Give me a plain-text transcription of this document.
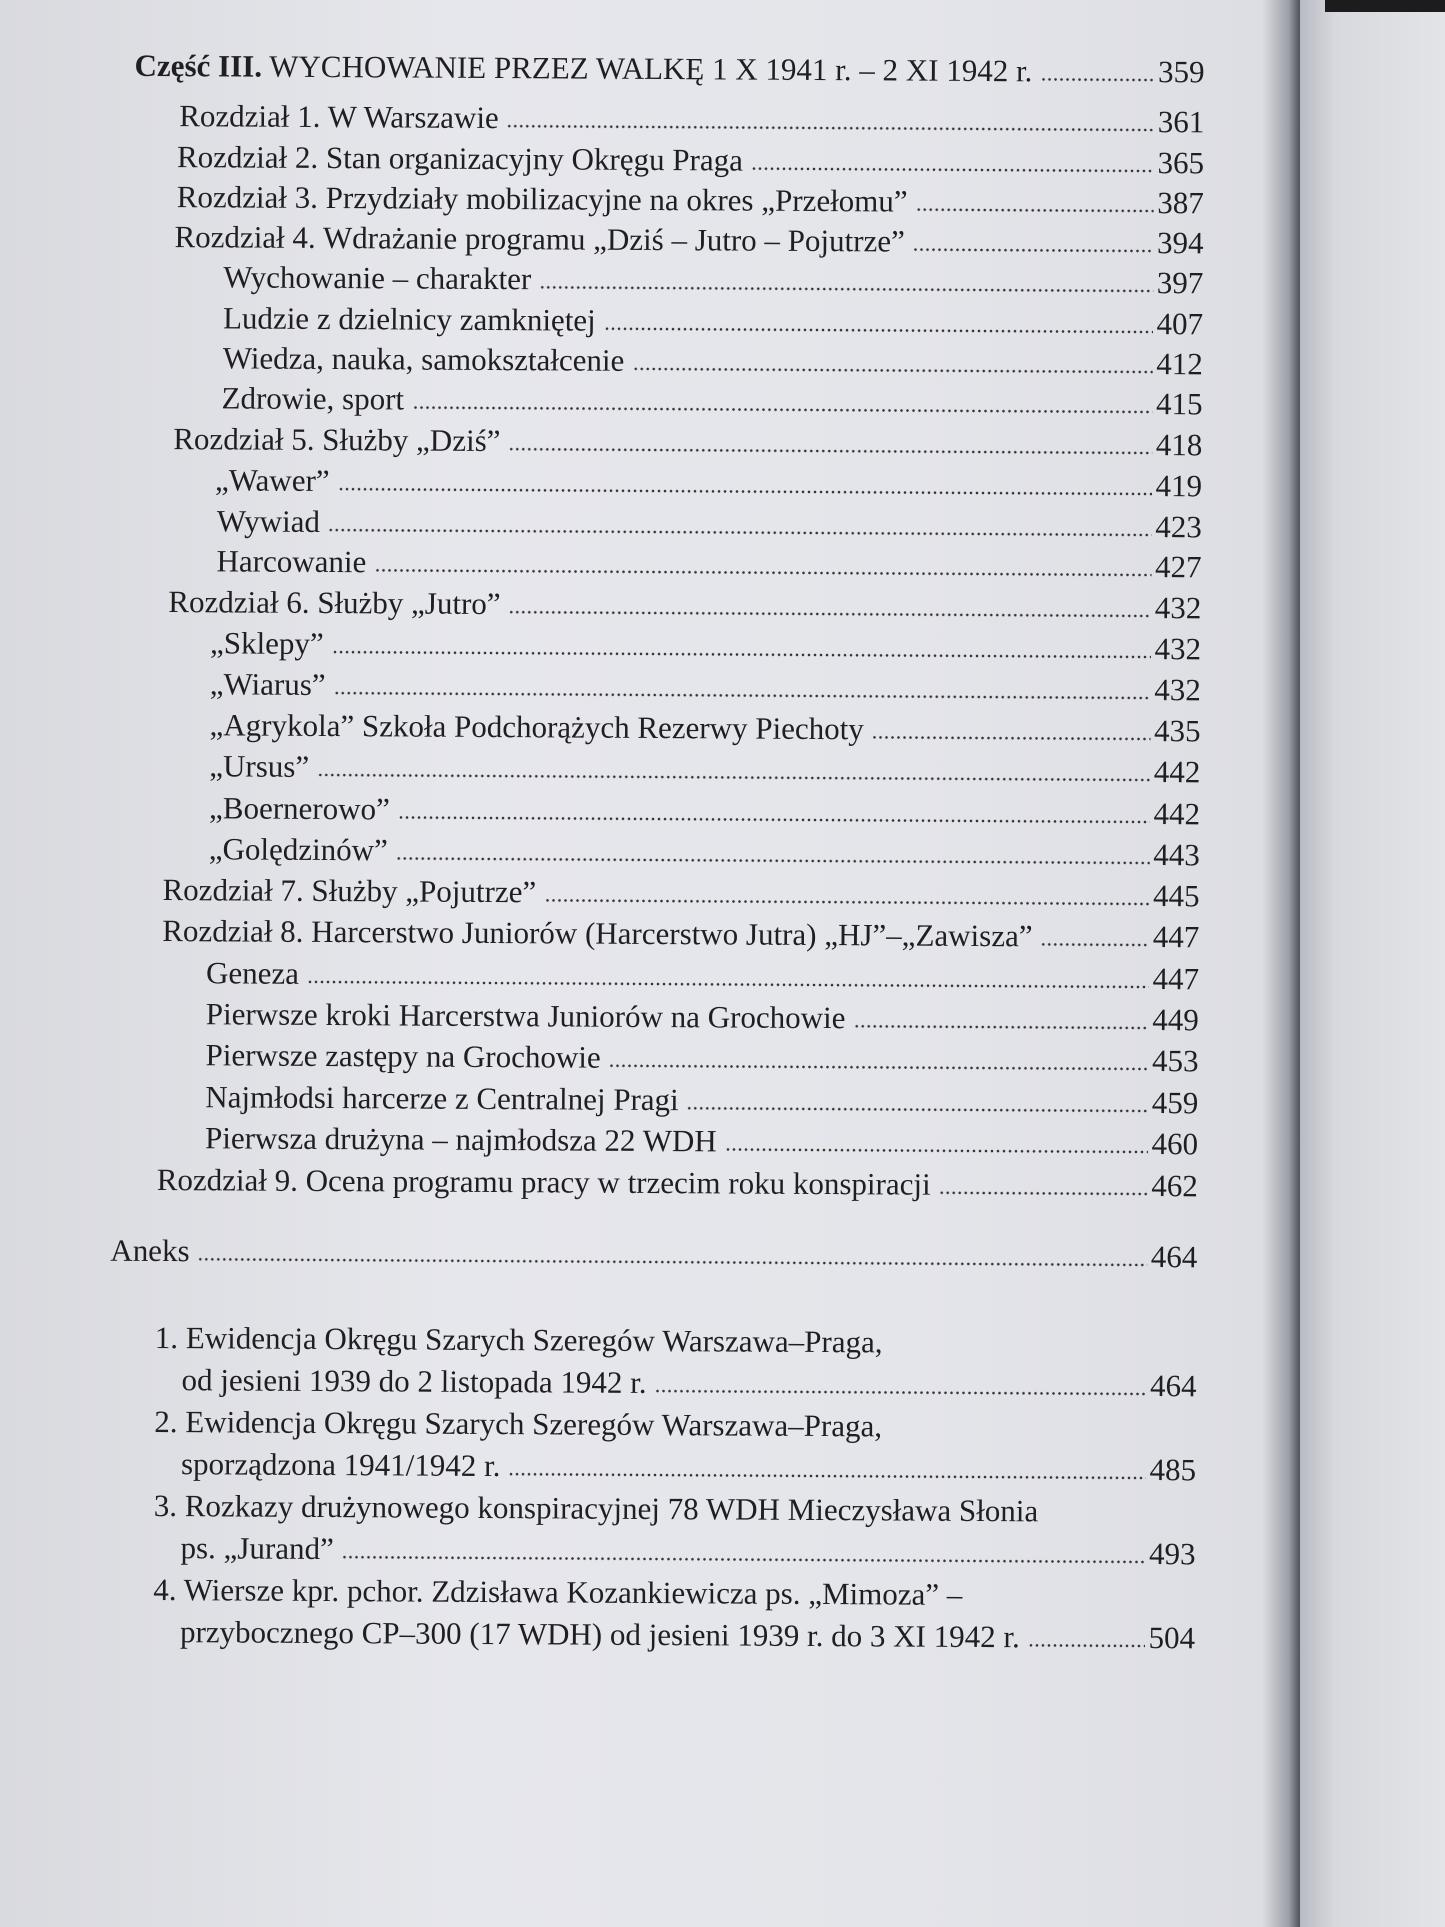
Część III. WYCHOWANIE PRZEZ WALKĘ 1 X 1941 r. – 2 XI 1942 r.	359
Rozdział 1. W Warszawie	361
Rozdział 2. Stan organizacyjny Okręgu Praga	365
Rozdział 3. Przydziały mobilizacyjne na okres „Przełomu”	387
Rozdział 4. Wdrażanie programu „Dziś – Jutro – Pojutrze”	394
Wychowanie – charakter	397
Ludzie z dzielnicy zamkniętej	407
Wiedza, nauka, samokształcenie	412
Zdrowie, sport	415
Rozdział 5. Służby „Dziś”	418
„Wawer”	419
Wywiad	423
Harcowanie	427
Rozdział 6. Służby „Jutro”	432
„Sklepy”	432
„Wiarus”	432
„Agrykola” Szkoła Podchorążych Rezerwy Piechoty	435
„Ursus”	442
„Boernerowo”	442
„Golędzinów”	443
Rozdział 7. Służby „Pojutrze”	445
Rozdział 8. Harcerstwo Juniorów (Harcerstwo Jutra) „HJ”–„Zawisza”	447
Geneza	447
Pierwsze kroki Harcerstwa Juniorów na Grochowie	449
Pierwsze zastępy na Grochowie	453
Najmłodsi harcerze z Centralnej Pragi	459
Pierwsza drużyna – najmłodsza 22 WDH	460
Rozdział 9. Ocena programu pracy w trzecim roku konspiracji	462
Aneks	464
1. Ewidencja Okręgu Szarych Szeregów Warszawa–Praga,
od jesieni 1939 do 2 listopada 1942 r.	464
2. Ewidencja Okręgu Szarych Szeregów Warszawa–Praga,
sporządzona 1941/1942 r.	485
3. Rozkazy drużynowego konspiracyjnej 78 WDH Mieczysława Słonia
ps. „Jurand”	493
4. Wiersze kpr. pchor. Zdzisława Kozankiewicza ps. „Mimoza” –
przybocznego CP–300 (17 WDH) od jesieni 1939 r. do 3 XI 1942 r.	504
